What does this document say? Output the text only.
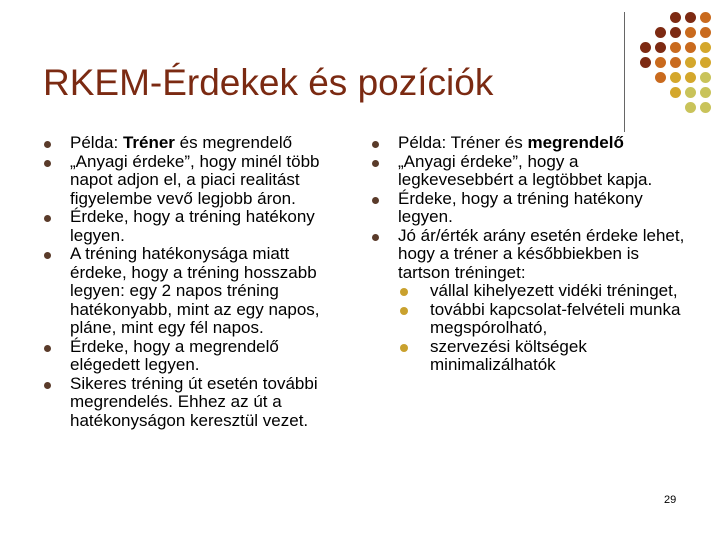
RKEM-Érdekek és pozíciók
Példa: Tréner és megrendelő
„Anyagi érdeke”, hogy minél több napot adjon el, a piaci realitást figyelembe vevő legjobb áron.
Érdeke, hogy a tréning hatékony legyen.
A tréning hatékonysága miatt érdeke, hogy a tréning hosszabb legyen: egy 2 napos tréning hatékonyabb, mint az egy napos, pláne, mint egy fél napos.
Érdeke, hogy a megrendelő elégedett legyen.
Sikeres tréning út esetén további megrendelés. Ehhez az út a hatékonyságon keresztül vezet.
Példa: Tréner és megrendelő
„Anyagi érdeke”, hogy a legkevesebbért a legtöbbet kapja.
Érdeke, hogy a tréning hatékony legyen.
Jó ár/érték arány esetén érdeke lehet, hogy a tréner a későbbiekben is tartson tréninget:
vállal kihelyezett vidéki tréninget,
további kapcsolat-felvételi munka megspórolható,
szervezési költségek minimalizálhatók
29
